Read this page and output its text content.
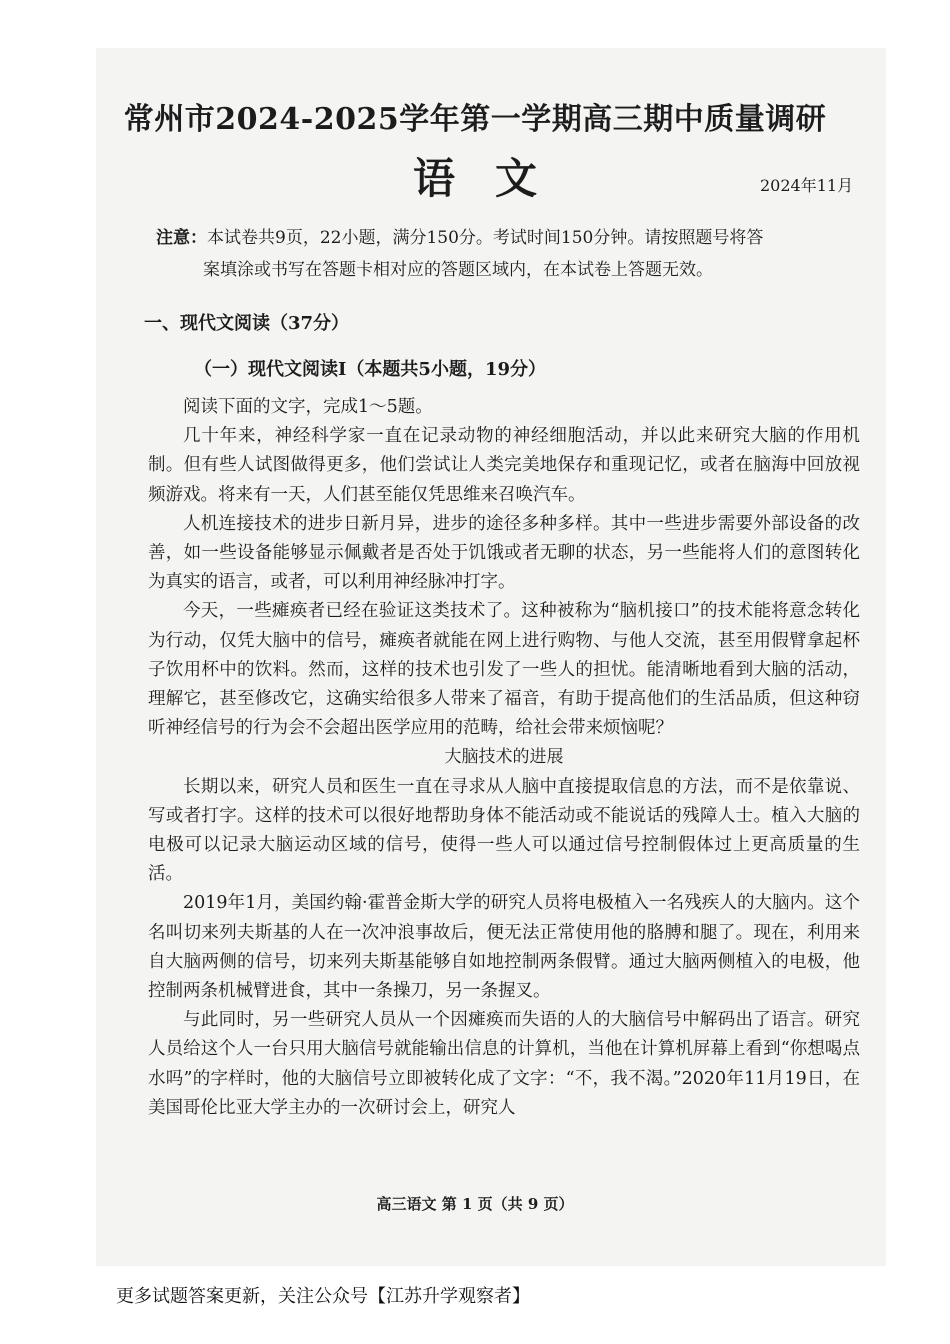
常州市2024-2025学年第一学期高三期中质量调研
语文	2024年11月
注意：本试卷共9页，22小题，满分150分。考试时间150分钟。请按照题号将答
案填涂或书写在答题卡相对应的答题区域内，在本试卷上答题无效。
一、现代文阅读（37分）
（一）现代文阅读I（本题共5小题，19分）

阅读下面的文字，完成1～5题。

几十年来，神经科学家一直在记录动物的神经细胞活动，并以此来研究大脑的作用机制。但有些人试图做得更多，他们尝试让人类完美地保存和重现记忆，或者在脑海中回放视频游戏。将来有一天，人们甚至能仅凭思维来召唤汽车。

人机连接技术的进步日新月异，进步的途径多种多样。其中一些进步需要外部设备的改善，如一些设备能够显示佩戴者是否处于饥饿或者无聊的状态，另一些能将人们的意图转化为真实的语言，或者，可以利用神经脉冲打字。

今天，一些瘫痪者已经在验证这类技术了。这种被称为“脑机接口”的技术能将意念转化为行动，仅凭大脑中的信号，瘫痪者就能在网上进行购物、与他人交流，甚至用假臂拿起杯子饮用杯中的饮料。然而，这样的技术也引发了一些人的担忧。能清晰地看到大脑的活动，理解它，甚至修改它，这确实给很多人带来了福音，有助于提高他们的生活品质，但这种窃听神经信号的行为会不会超出医学应用的范畴，给社会带来烦恼呢？

大脑技术的进展

长期以来，研究人员和医生一直在寻求从人脑中直接提取信息的方法，而不是依靠说、写或者打字。这样的技术可以很好地帮助身体不能活动或不能说话的残障人士。植入大脑的电极可以记录大脑运动区域的信号，使得一些人可以通过信号控制假体过上更高质量的生活。

2019年1月，美国约翰·霍普金斯大学的研究人员将电极植入一名残疾人的大脑内。这个名叫切来列夫斯基的人在一次冲浪事故后，便无法正常使用他的胳膊和腿了。现在，利用来自大脑两侧的信号，切来列夫斯基能够自如地控制两条假臂。通过大脑两侧植入的电极，他控制两条机械臂进食，其中一条操刀，另一条握叉。

与此同时，另一些研究人员从一个因瘫痪而失语的人的大脑信号中解码出了语言。研究人员给这个人一台只用大脑信号就能输出信息的计算机，当他在计算机屏幕上看到“你想喝点水吗”的字样时，他的大脑信号立即被转化成了文字：“不，我不渴。”2020年11月19日，在美国哥伦比亚大学主办的一次研讨会上，研究人

高三语文 第 1 页（共 9 页）
更多试题答案更新，关注公众号【江苏升学观察者】
